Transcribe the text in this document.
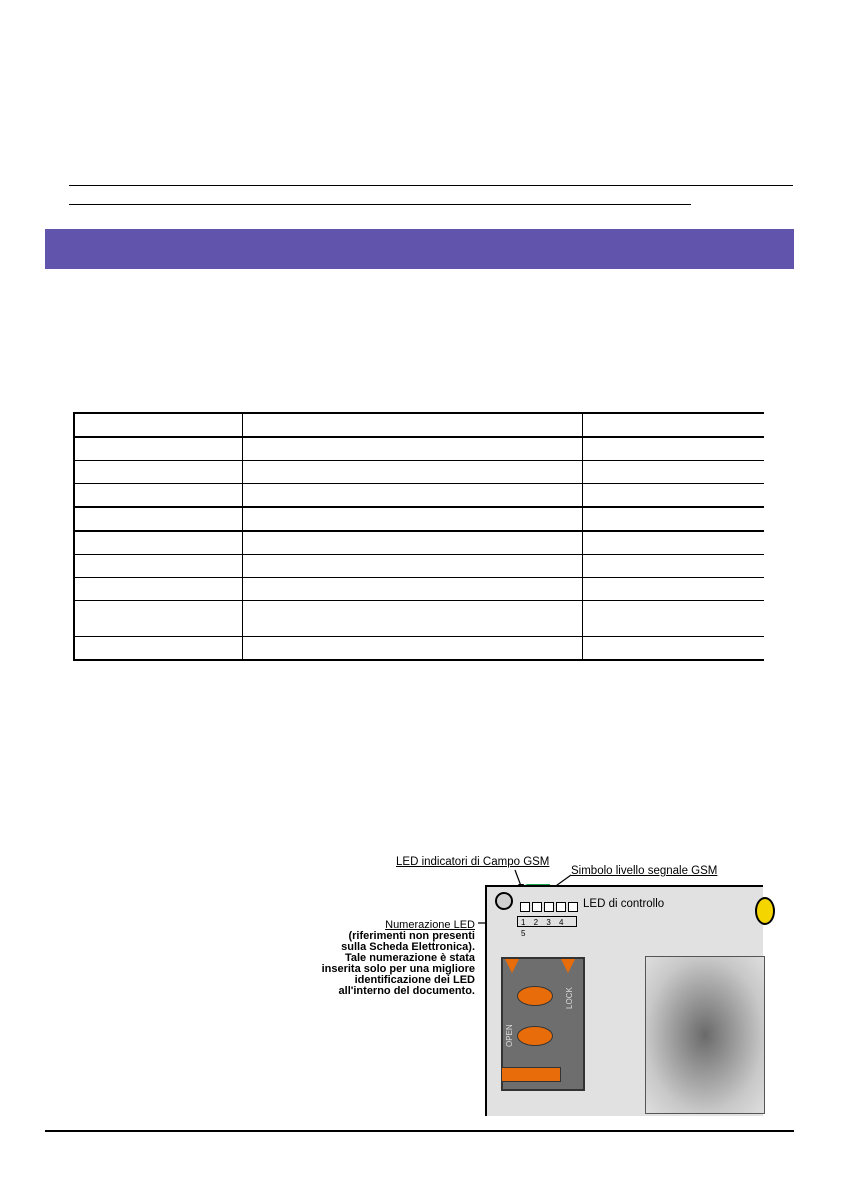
LED indicatori di Campo GSM
Simbolo livello segnale GSM
Numerazione LED
(riferimenti non presenti
sulla Scheda Elettronica).
Tale numerazione è stata
inserita solo per una migliore
identificazione dei LED
all'interno del documento.
LED di controllo
1 2 3 4 5
OPEN
LOCK
